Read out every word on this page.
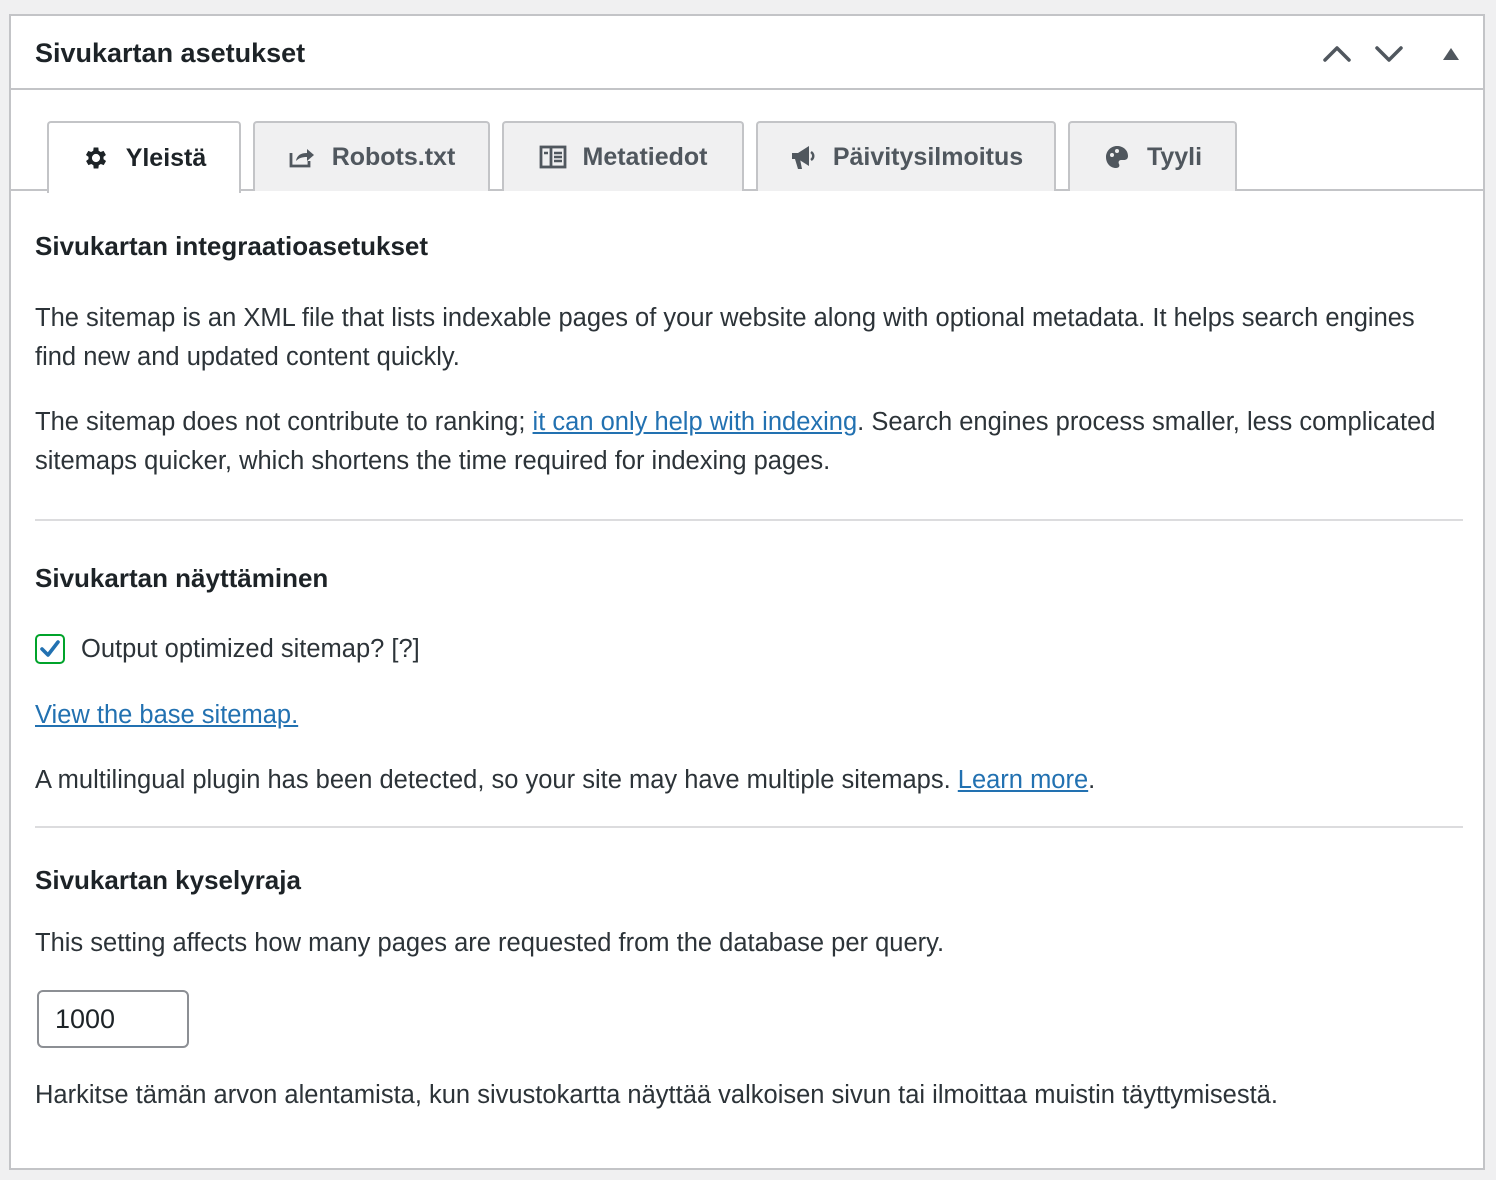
Sivukartan asetukset
Yleistä	Robots.txt	Metatiedot	Päivitysilmoitus	Tyyli
Sivukartan integraatioasetukset

The sitemap is an XML file that lists indexable pages of your website along with optional metadata. It helps search engines find new and updated content quickly.

The sitemap does not contribute to ranking; it can only help with indexing. Search engines process smaller, less complicated sitemaps quicker, which shortens the time required for indexing pages.

Sivukartan näyttäminen
Output optimized sitemap? [?]
View the base sitemap.

A multilingual plugin has been detected, so your site may have multiple sitemaps. Learn more.

Sivukartan kyselyraja

This setting affects how many pages are requested from the database per query.

1000

Harkitse tämän arvon alentamista, kun sivustokartta näyttää valkoisen sivun tai ilmoittaa muistin täyttymisestä.
